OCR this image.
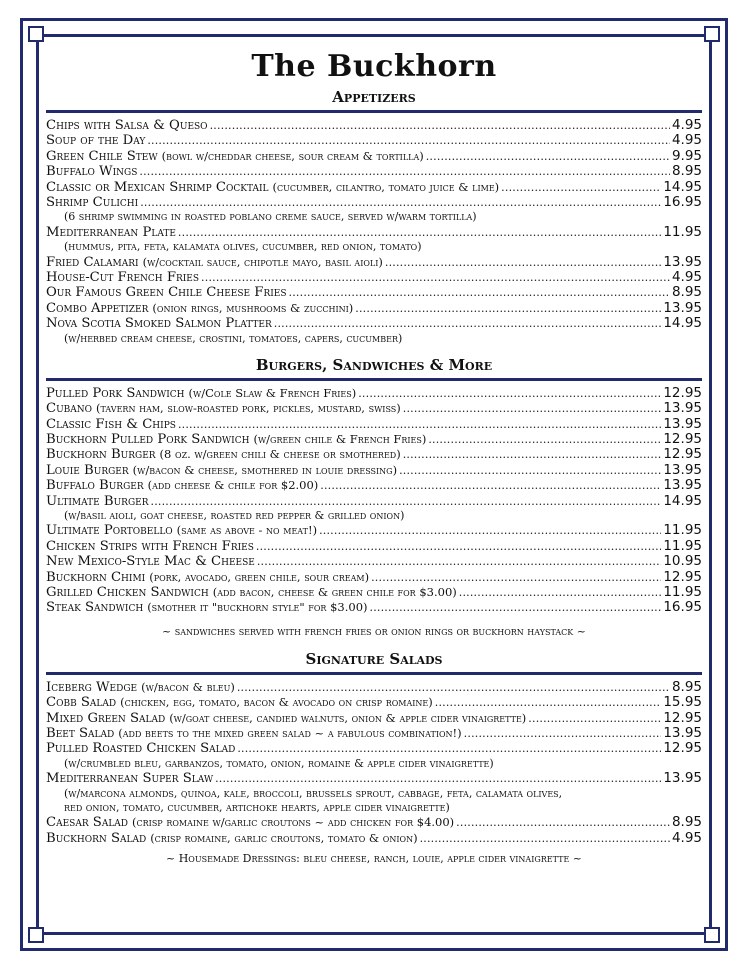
The Buckhorn
Appetizers
Chips with Salsa & Queso .....	4.95
Soup of the Day .....	4.95
Green Chile Stew (bowl w/cheddar cheese, sour cream & tortilla) .....	9.95
Buffalo Wings .....	8.95
Classic or Mexican Shrimp Cocktail (cucumber, cilantro, tomato juice & lime) .....	14.95
Shrimp Culichi .....	16.95
(6 shrimp swimming in roasted poblano creme sauce, served w/warm tortilla)
Mediterranean Plate .....	11.95
(hummus, pita, feta, kalamata olives, cucumber, red onion, tomato)
Fried Calamari (w/cocktail sauce, chipotle mayo, basil aioli) .....	13.95
House-Cut French Fries .....	4.95
Our Famous Green Chile Cheese Fries .....	8.95
Combo Appetizer (onion rings, mushrooms & zucchini) .....	13.95
Nova Scotia Smoked Salmon Platter .....	14.95
(w/herbed cream cheese, crostini, tomatoes, capers, cucumber)
Burgers, Sandwiches & More
Pulled Pork Sandwich (w/Cole Slaw & French Fries) .....	12.95
Cubano (tavern ham, slow-roasted pork, pickles, mustard, swiss) .....	13.95
Classic Fish & Chips .....	13.95
Buckhorn Pulled Pork Sandwich (w/green chile & French Fries) .....	12.95
Buckhorn Burger (8 oz. w/green chili & cheese or smothered) .....	12.95
Louie Burger (w/bacon & cheese, smothered in louie dressing) .....	13.95
Buffalo Burger (add cheese & chile for $2.00) .....	13.95
Ultimate Burger .....	14.95
(w/basil aioli, goat cheese, roasted red pepper & grilled onion)
Ultimate Portobello (same as above - no meat!) .....	11.95
Chicken Strips with French Fries .....	11.95
New Mexico-Style Mac & Cheese .....	10.95
Buckhorn Chimi (pork, avocado, green chile, sour cream) .....	12.95
Grilled Chicken Sandwich (add bacon, cheese & green chile for $3.00) .....	11.95
Steak Sandwich (smother it "buckhorn style" for $3.00) .....	16.95
~ sandwiches served with french fries or onion rings or buckhorn haystack ~
Signature Salads
Iceberg Wedge (w/bacon & bleu) .....	8.95
Cobb Salad (chicken, egg, tomato, bacon & avocado on crisp romaine) .....	15.95
Mixed Green Salad (w/goat cheese, candied walnuts, onion & apple cider vinaigrette) .....	12.95
Beet Salad (add beets to the mixed green salad ~ a fabulous combination!) .....	13.95
Pulled Roasted Chicken Salad .....	12.95
(w/crumbled bleu, garbanzos, tomato, onion, romaine & apple cider vinaigrette)
Mediterranean Super Slaw .....	13.95
(w/marcona almonds, quinoa, kale, broccoli, brussels sprout, cabbage, feta, calamata olives,
red onion, tomato, cucumber, artichoke hearts, apple cider vinaigrette)
Caesar Salad (crisp romaine w/garlic croutons ~ add chicken for $4.00) .....	8.95
Buckhorn Salad (crisp romaine, garlic croutons, tomato & onion) .....	4.95
~ Housemade Dressings: bleu cheese, ranch, louie, apple cider vinaigrette ~
